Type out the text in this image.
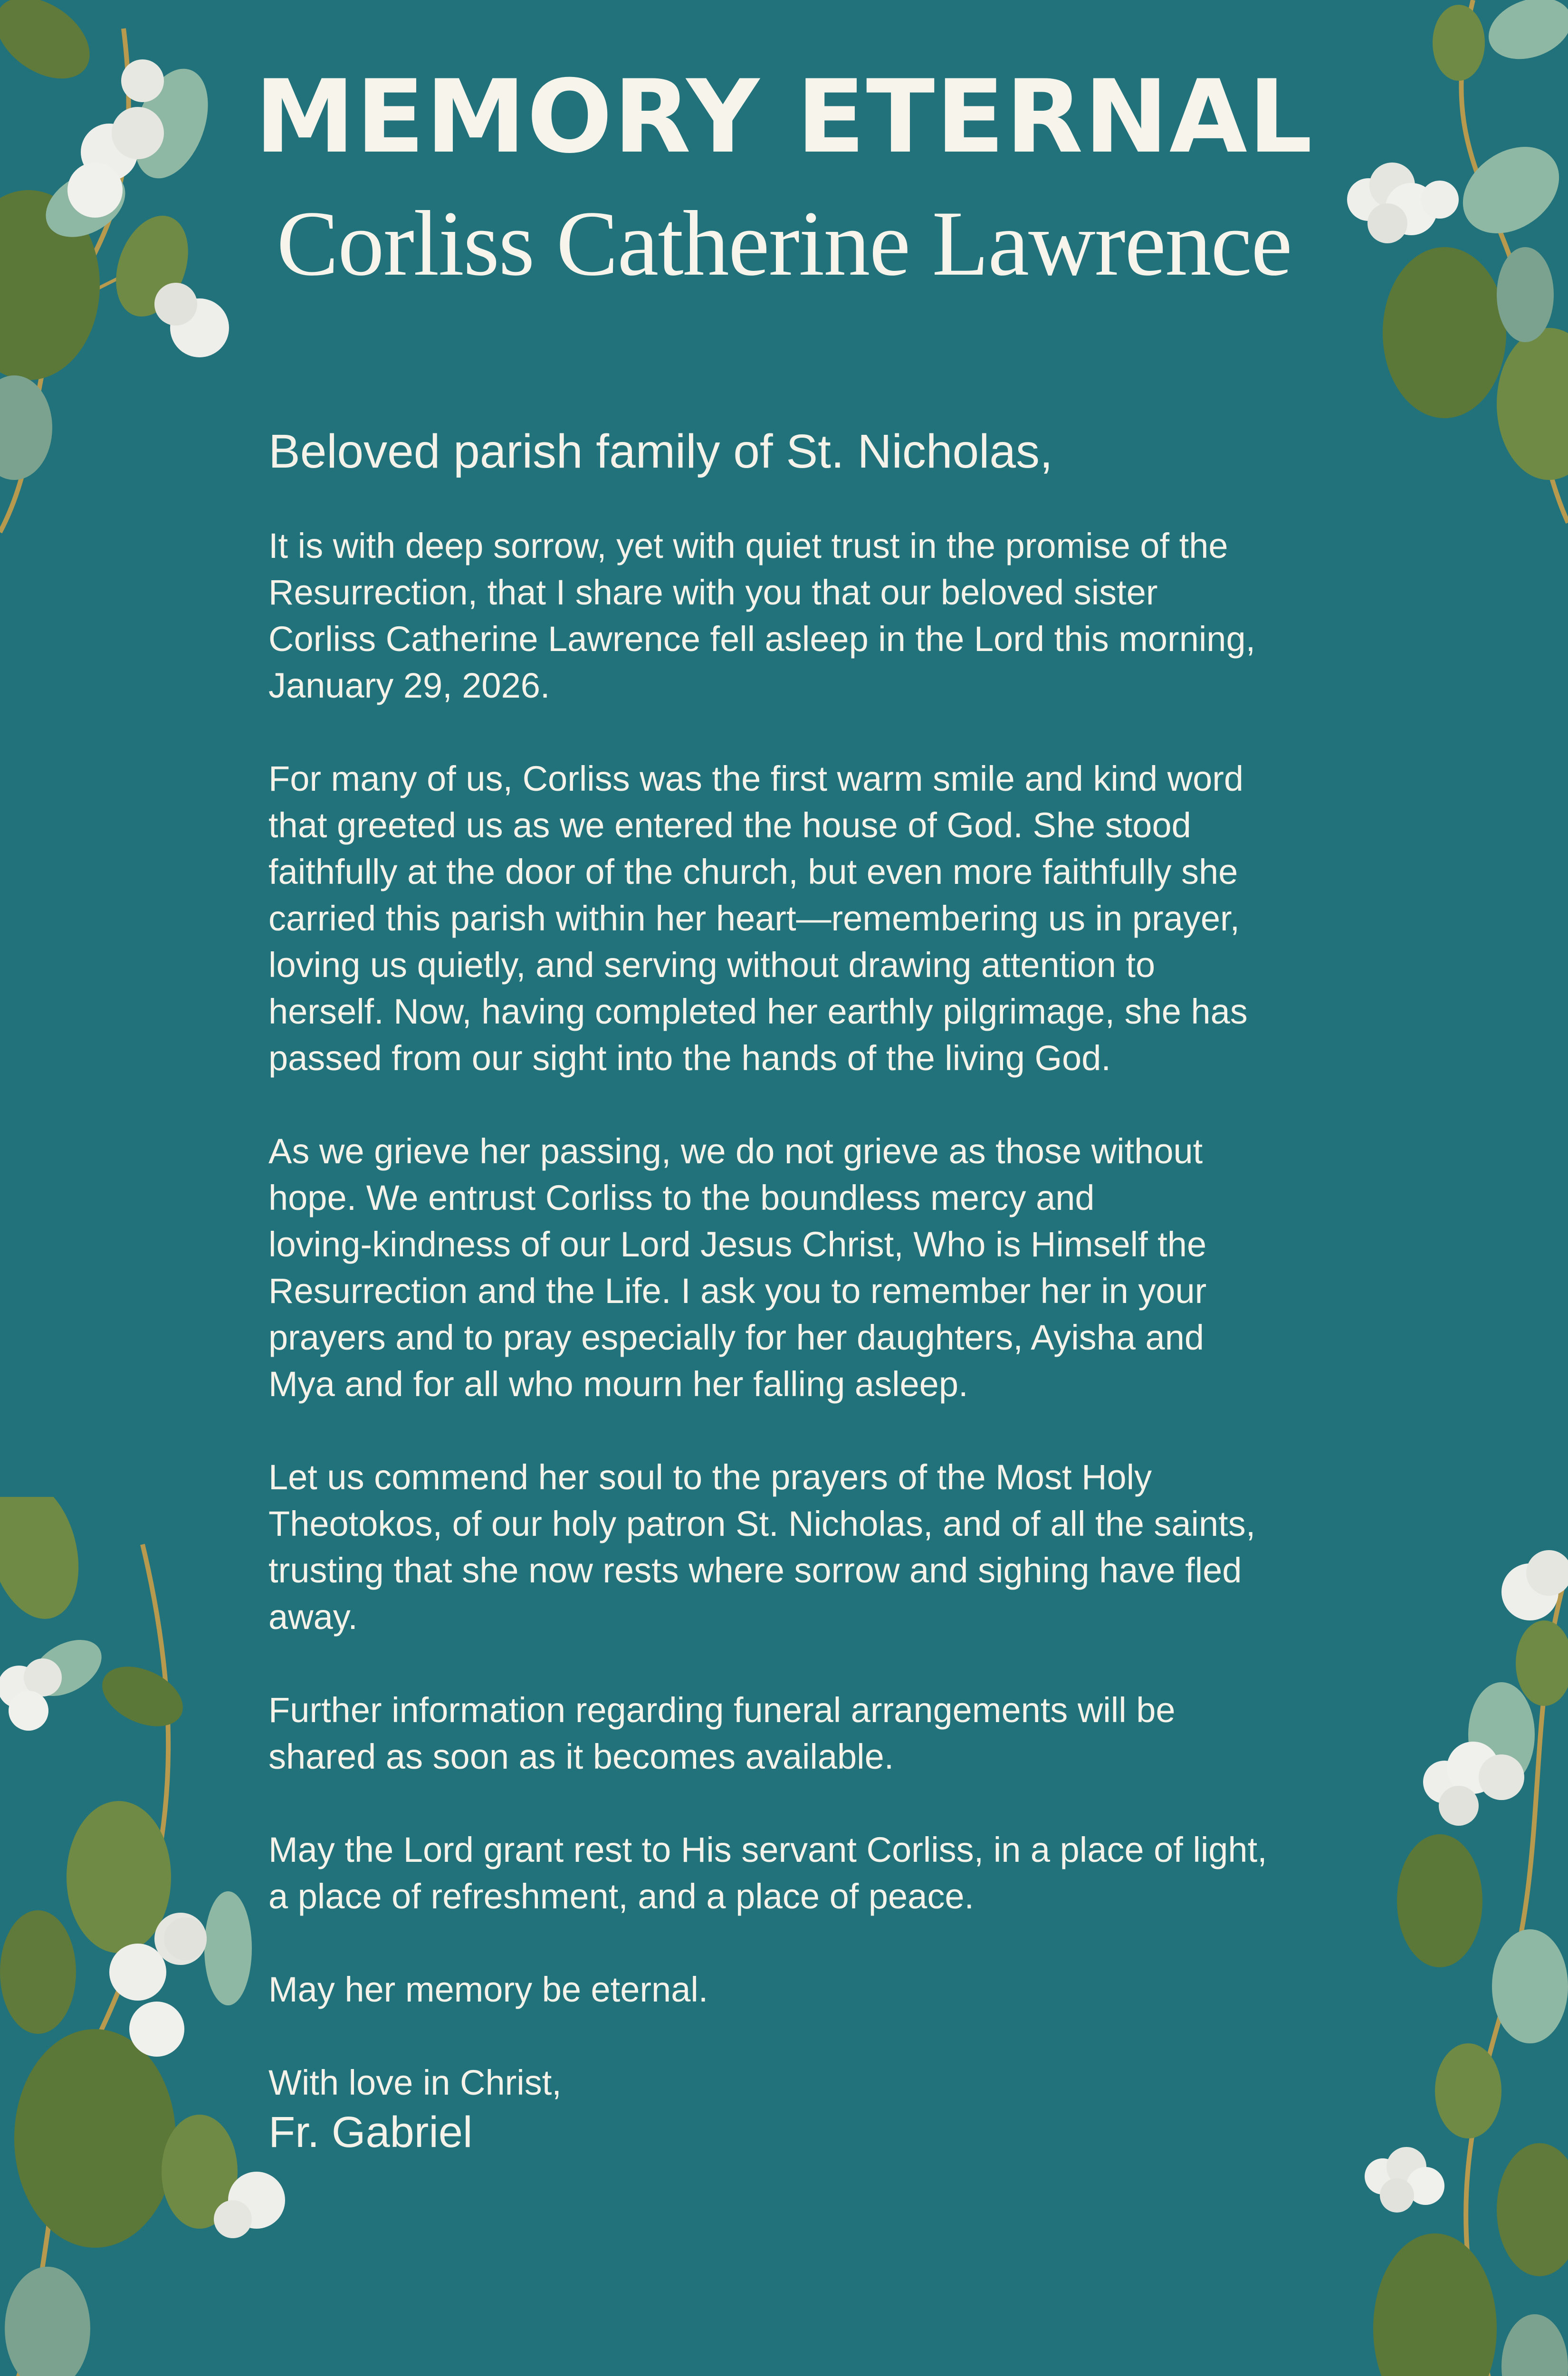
MEMORY ETERNAL
Corliss Catherine Lawrence
Beloved parish family of St. Nicholas,

It is with deep sorrow, yet with quiet trust in the promise of the
Resurrection, that I share with you that our beloved sister
Corliss Catherine Lawrence fell asleep in the Lord this morning,
January 29, 2026.

For many of us, Corliss was the first warm smile and kind word
that greeted us as we entered the house of God. She stood
faithfully at the door of the church, but even more faithfully she
carried this parish within her heart—remembering us in prayer,
loving us quietly, and serving without drawing attention to
herself. Now, having completed her earthly pilgrimage, she has
passed from our sight into the hands of the living God.

As we grieve her passing, we do not grieve as those without
hope. We entrust Corliss to the boundless mercy and
loving-kindness of our Lord Jesus Christ, Who is Himself the
Resurrection and the Life. I ask you to remember her in your
prayers and to pray especially for her daughters, Ayisha and
Mya and for all who mourn her falling asleep.

Let us commend her soul to the prayers of the Most Holy
Theotokos, of our holy patron St. Nicholas, and of all the saints,
trusting that she now rests where sorrow and sighing have fled
away.

Further information regarding funeral arrangements will be
shared as soon as it becomes available.

May the Lord grant rest to His servant Corliss, in a place of light,
a place of refreshment, and a place of peace.

May her memory be eternal.

With love in Christ,

Fr. Gabriel
